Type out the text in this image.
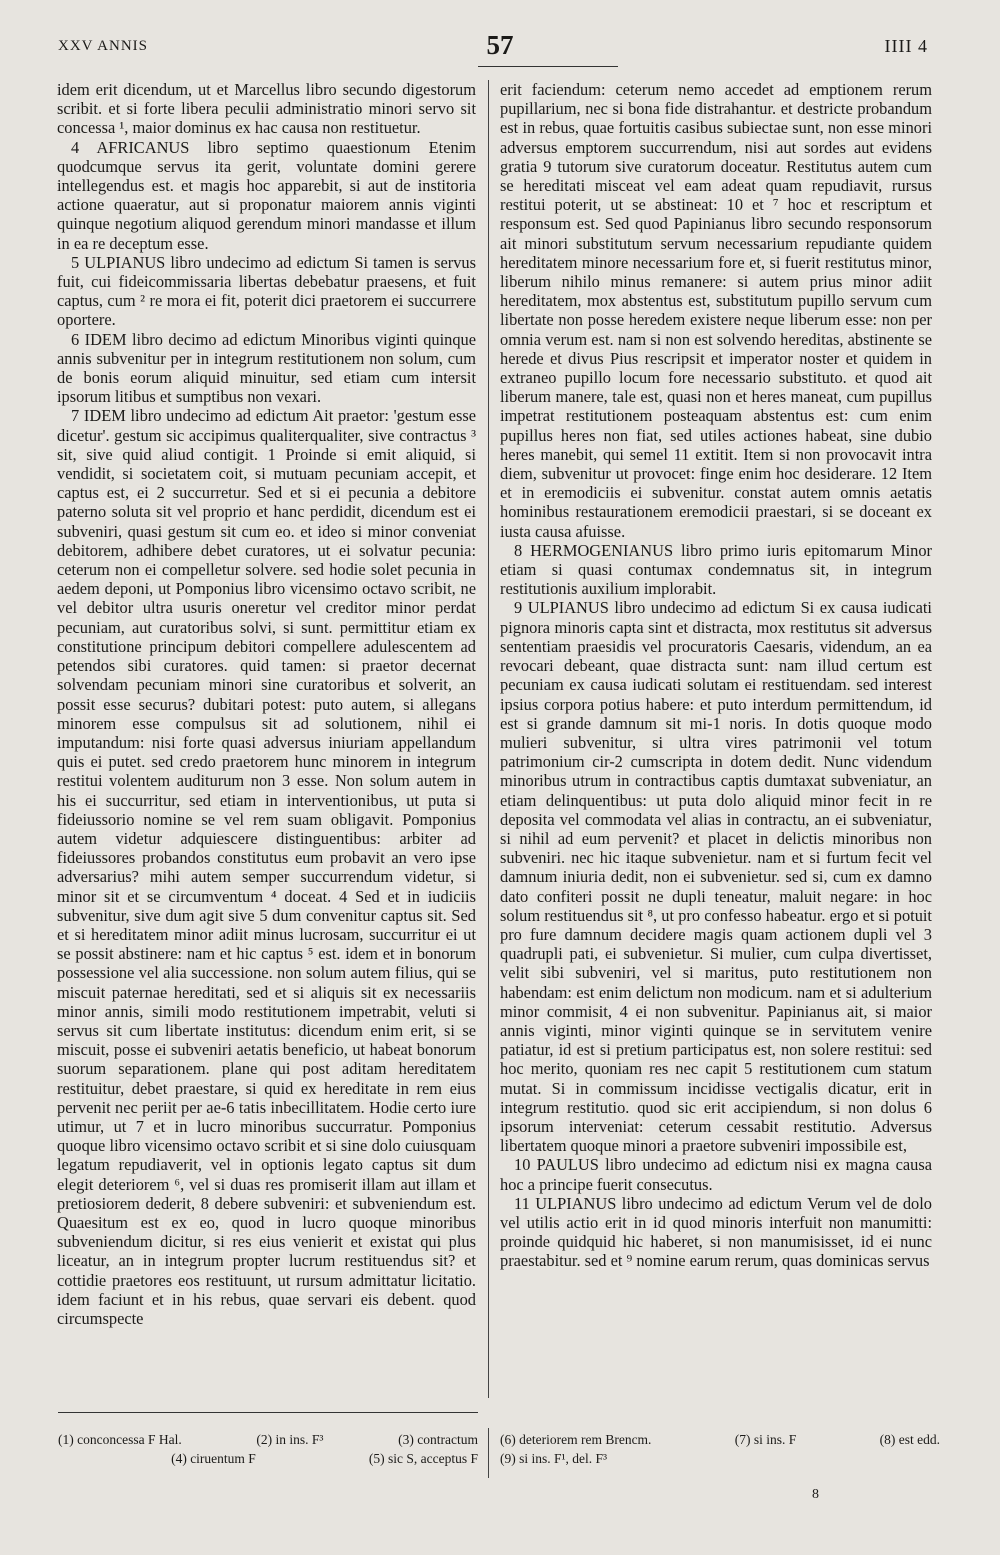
XXV ANNIS	57	IIII 4

idem erit dicendum, ut et Marcellus libro secundo digestorum scribit. et si forte libera peculii administratio minori servo sit concessa ¹, maior dominus ex hac causa non restituetur.

4 AFRICANUS libro septimo quaestionum Etenim quodcumque servus ita gerit, voluntate domini gerere intellegendus est. et magis hoc apparebit, si aut de institoria actione quaeratur, aut si proponatur maiorem annis viginti quinque negotium aliquod gerendum minori mandasse et illum in ea re deceptum esse.

5 ULPIANUS libro undecimo ad edictum Si tamen is servus fuit, cui fideicommissaria libertas debebatur praesens, et fuit captus, cum ² re mora ei fit, poterit dici praetorem ei succurrere oportere.

6 IDEM libro decimo ad edictum Minoribus viginti quinque annis subvenitur per in integrum restitutionem non solum, cum de bonis eorum aliquid minuitur, sed etiam cum intersit ipsorum litibus et sumptibus non vexari.

7 IDEM libro undecimo ad edictum Ait praetor: 'gestum esse dicetur'. gestum sic accipimus qualiterqualiter, sive contractus ³ sit, sive quid aliud contigit. 1 Proinde si emit aliquid, si vendidit, si societatem coit, si mutuam pecuniam accepit, et captus est, ei 2 succurretur. Sed et si ei pecunia a debitore paterno soluta sit vel proprio et hanc perdidit, dicendum est ei subveniri, quasi gestum sit cum eo. et ideo si minor conveniat debitorem, adhibere debet curatores, ut ei solvatur pecunia: ceterum non ei compelletur solvere. sed hodie solet pecunia in aedem deponi, ut Pomponius libro vicensimo octavo scribit, ne vel debitor ultra usuris oneretur vel creditor minor perdat pecuniam, aut curatoribus solvi, si sunt. permittitur etiam ex constitutione principum debitori compellere adulescentem ad petendos sibi curatores. quid tamen: si praetor decernat solvendam pecuniam minori sine curatoribus et solverit, an possit esse securus? dubitari potest: puto autem, si allegans minorem esse compulsus sit ad solutionem, nihil ei imputandum: nisi forte quasi adversus iniuriam appellandum quis ei putet. sed credo praetorem hunc minorem in integrum restitui volentem auditurum non 3 esse. Non solum autem in his ei succurritur, sed etiam in interventionibus, ut puta si fideiussorio nomine se vel rem suam obligavit. Pomponius autem videtur adquiescere distinguentibus: arbiter ad fideiussores probandos constitutus eum probavit an vero ipse adversarius? mihi autem semper succurrendum videtur, si minor sit et se circumventum ⁴ doceat. 4 Sed et in iudiciis subvenitur, sive dum agit sive 5 dum convenitur captus sit. Sed et si hereditatem minor adiit minus lucrosam, succurritur ei ut se possit abstinere: nam et hic captus ⁵ est. idem et in bonorum possessione vel alia successione. non solum autem filius, qui se miscuit paternae hereditati, sed et si aliquis sit ex necessariis minor annis, simili modo restitutionem impetrabit, veluti si servus sit cum libertate institutus: dicendum enim erit, si se miscuit, posse ei subveniri aetatis beneficio, ut habeat bonorum suorum separationem. plane qui post aditam hereditatem restituitur, debet praestare, si quid ex hereditate in rem eius pervenit nec periit per ae-6 tatis inbecillitatem. Hodie certo iure utimur, ut 7 et in lucro minoribus succurratur. Pomponius quoque libro vicensimo octavo scribit et si sine dolo cuiusquam legatum repudiaverit, vel in optionis legato captus sit dum elegit deteriorem ⁶, vel si duas res promiserit illam aut illam et pretiosiorem dederit, 8 debere subveniri: et subveniendum est. Quaesitum est ex eo, quod in lucro quoque minoribus subveniendum dicitur, si res eius venierit et existat qui plus liceatur, an in integrum propter lucrum restituendus sit? et cottidie praetores eos restituunt, ut rursum admittatur licitatio. idem faciunt et in his rebus, quae servari eis debent. quod circumspecte

erit faciendum: ceterum nemo accedet ad emptionem rerum pupillarium, nec si bona fide distrahantur. et destricte probandum est in rebus, quae fortuitis casibus subiectae sunt, non esse minori adversus emptorem succurrendum, nisi aut sordes aut evidens gratia 9 tutorum sive curatorum doceatur. Restitutus autem cum se hereditati misceat vel eam adeat quam repudiavit, rursus restitui poterit, ut se abstineat: 10 et ⁷ hoc et rescriptum et responsum est. Sed quod Papinianus libro secundo responsorum ait minori substitutum servum necessarium repudiante quidem hereditatem minore necessarium fore et, si fuerit restitutus minor, liberum nihilo minus remanere: si autem prius minor adiit hereditatem, mox abstentus est, substitutum pupillo servum cum libertate non posse heredem existere neque liberum esse: non per omnia verum est. nam si non est solvendo hereditas, abstinente se herede et divus Pius rescripsit et imperator noster et quidem in extraneo pupillo locum fore necessario substituto. et quod ait liberum manere, tale est, quasi non et heres maneat, cum pupillus impetrat restitutionem posteaquam abstentus est: cum enim pupillus heres non fiat, sed utiles actiones habeat, sine dubio heres manebit, qui semel 11 extitit. Item si non provocavit intra diem, subvenitur ut provocet: finge enim hoc desiderare. 12 Item et in eremodiciis ei subvenitur. constat autem omnis aetatis hominibus restaurationem eremodicii praestari, si se doceant ex iusta causa afuisse.

8 HERMOGENIANUS libro primo iuris epitomarum Minor etiam si quasi contumax condemnatus sit, in integrum restitutionis auxilium implorabit.

9 ULPIANUS libro undecimo ad edictum Si ex causa iudicati pignora minoris capta sint et distracta, mox restitutus sit adversus sententiam praesidis vel procuratoris Caesaris, videndum, an ea revocari debeant, quae distracta sunt: nam illud certum est pecuniam ex causa iudicati solutam ei restituendam. sed interest ipsius corpora potius habere: et puto interdum permittendum, id est si grande damnum sit mi-1 noris. In dotis quoque modo mulieri subvenitur, si ultra vires patrimonii vel totum patrimonium cir-2 cumscripta in dotem dedit. Nunc videndum minoribus utrum in contractibus captis dumtaxat subveniatur, an etiam delinquentibus: ut puta dolo aliquid minor fecit in re deposita vel commodata vel alias in contractu, an ei subveniatur, si nihil ad eum pervenit? et placet in delictis minoribus non subveniri. nec hic itaque subvenietur. nam et si furtum fecit vel damnum iniuria dedit, non ei subvenietur. sed si, cum ex damno dato confiteri possit ne dupli teneatur, maluit negare: in hoc solum restituendus sit ⁸, ut pro confesso habeatur. ergo et si potuit pro fure damnum decidere magis quam actionem dupli vel 3 quadrupli pati, ei subvenietur. Si mulier, cum culpa divertisset, velit sibi subveniri, vel si maritus, puto restitutionem non habendam: est enim delictum non modicum. nam et si adulterium minor commisit, 4 ei non subvenitur. Papinianus ait, si maior annis viginti, minor viginti quinque se in servitutem venire patiatur, id est si pretium participatus est, non solere restitui: sed hoc merito, quoniam res nec capit 5 restitutionem cum statum mutat. Si in commissum incidisse vectigalis dicatur, erit in integrum restitutio. quod sic erit accipiendum, si non dolus 6 ipsorum interveniat: ceterum cessabit restitutio. Adversus libertatem quoque minori a praetore subveniri impossibile est,

10 PAULUS libro undecimo ad edictum nisi ex magna causa hoc a principe fuerit consecutus.

11 ULPIANUS libro undecimo ad edictum Verum vel de dolo vel utilis actio erit in id quod minoris interfuit non manumitti: proinde quidquid hic haberet, si non manumisisset, id ei nunc praestabitur. sed et ⁹ nomine earum rerum, quas dominicas servus

(1) conconcessa F Hal.	(2) in ins. F³	(3) contractum
(4) ciruentum F	(5) sic S, acceptus F
(6) deteriorem rem Brencm.	(7) si ins. F	(8) est edd.
(9) si ins. F¹, del. F³
8
